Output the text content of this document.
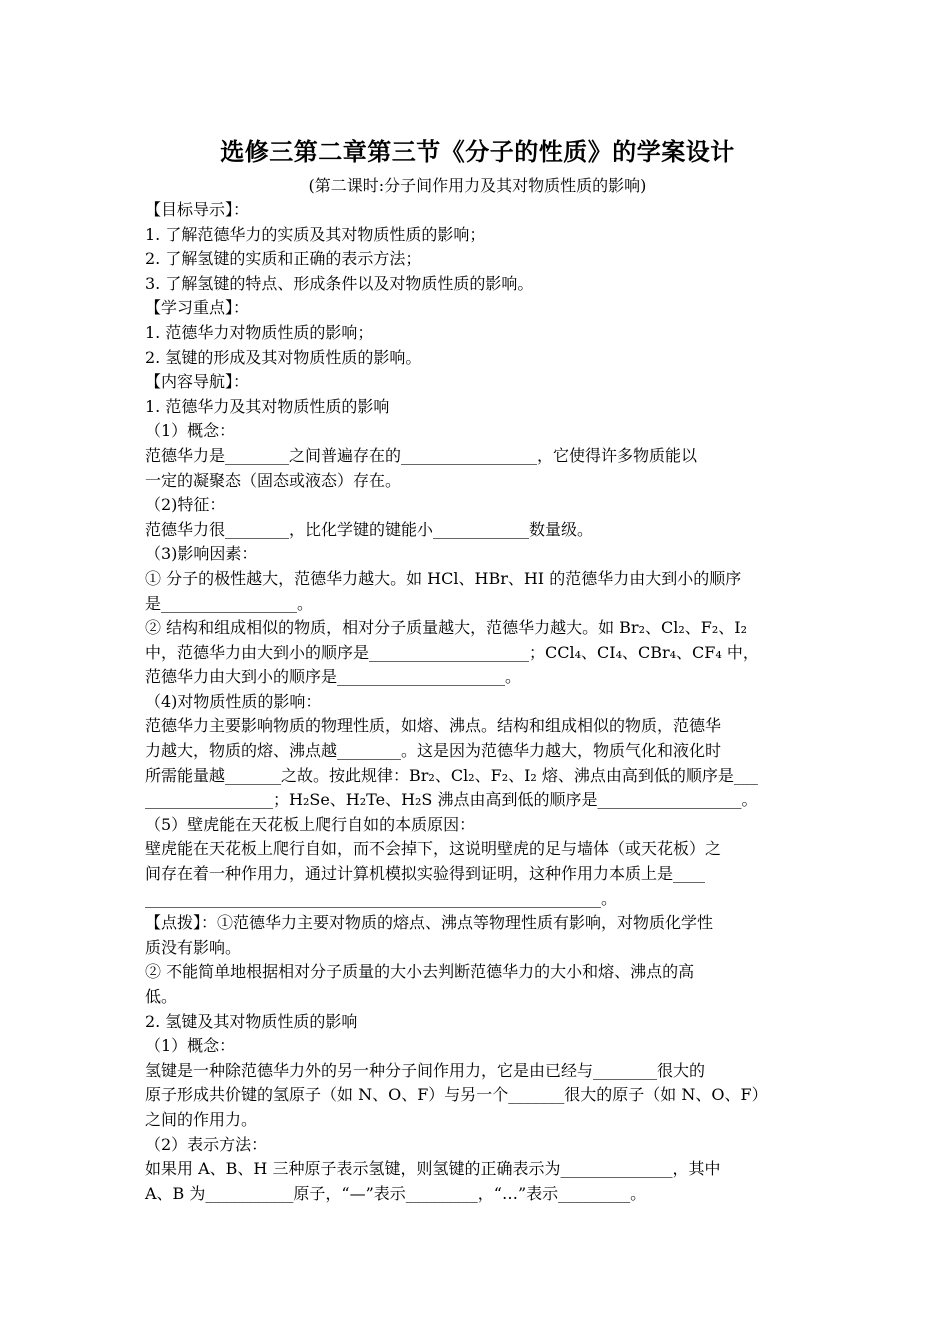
选修三第二章第三节《分子的性质》的学案设计

(第二课时:分子间作用力及其对物质性质的影响)

【目标导示】：

1. 了解范德华力的实质及其对物质性质的影响；

2. 了解氢键的实质和正确的表示方法；

3. 了解氢键的特点、形成条件以及对物质性质的影响。

【学习重点】：

1. 范德华力对物质性质的影响；

2. 氢键的形成及其对物质性质的影响。

【内容导航】：

1. 范德华力及其对物质性质的影响

（1）概念：

范德华力是________之间普遍存在的_________________，它使得许多物质能以

一定的凝聚态（固态或液态）存在。

（2)特征：

范德华力很________，比化学键的键能小____________数量级。

（3)影响因素：

① 分子的极性越大，范德华力越大。如 HCl、HBr、HI 的范德华力由大到小的顺序

是_________________。

② 结构和组成相似的物质，相对分子质量越大，范德华力越大。如 Br₂、Cl₂、F₂、I₂

中，范德华力由大到小的顺序是____________________；CCl₄、CI₄、CBr₄、CF₄ 中，

范德华力由大到小的顺序是_____________________。

（4)对物质性质的影响：

范德华力主要影响物质的物理性质，如熔、沸点。结构和组成相似的物质，范德华

力越大，物质的熔、沸点越________。这是因为范德华力越大，物质气化和液化时

所需能量越_______之故。按此规律：Br₂、Cl₂、F₂、I₂ 熔、沸点由高到低的顺序是___

________________；H₂Se、H₂Te、H₂S 沸点由高到低的顺序是__________________。

（5）壁虎能在天花板上爬行自如的本质原因：

壁虎能在天花板上爬行自如，而不会掉下，这说明壁虎的足与墙体（或天花板）之

间存在着一种作用力，通过计算机模拟实验得到证明，这种作用力本质上是____

_________________________________________________________。

【点拨】：①范德华力主要对物质的熔点、沸点等物理性质有影响，对物质化学性

质没有影响。

② 不能简单地根据相对分子质量的大小去判断范德华力的大小和熔、沸点的高

低。

2. 氢键及其对物质性质的影响

（1）概念：

氢键是一种除范德华力外的另一种分子间作用力，它是由已经与________很大的

原子形成共价键的氢原子（如 N、O、F）与另一个_______很大的原子（如 N、O、F）

之间的作用力。

（2）表示方法：

如果用 A、B、H 三种原子表示氢键，则氢键的正确表示为______________，其中

A、B 为___________原子，“—”表示_________，“…”表示_________。
